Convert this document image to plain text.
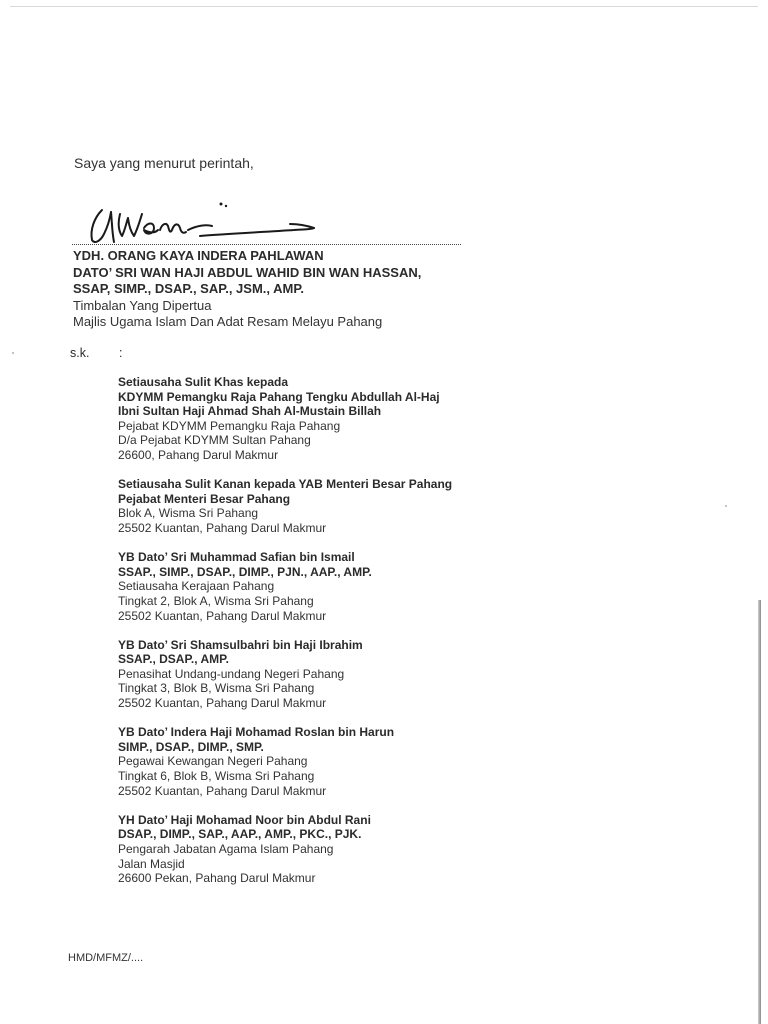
Saya yang menurut perintah,
YDH. ORANG KAYA INDERA PAHLAWAN
DATO’ SRI WAN HAJI ABDUL WAHID BIN WAN HASSAN,
SSAP, SIMP., DSAP., SAP., JSM., AMP.
Timbalan Yang Dipertua
Majlis Ugama Islam Dan Adat Resam Melayu Pahang
s.k. :
Setiausaha Sulit Khas kepada
KDYMM Pemangku Raja Pahang Tengku Abdullah Al-Haj
Ibni Sultan Haji Ahmad Shah Al-Mustain Billah
Pejabat KDYMM Pemangku Raja Pahang
D/a Pejabat KDYMM Sultan Pahang
26600, Pahang Darul Makmur
Setiausaha Sulit Kanan kepada YAB Menteri Besar Pahang
Pejabat Menteri Besar Pahang
Blok A, Wisma Sri Pahang
25502 Kuantan, Pahang Darul Makmur
YB Dato’ Sri Muhammad Safian bin Ismail
SSAP., SIMP., DSAP., DIMP., PJN., AAP., AMP.
Setiausaha Kerajaan Pahang
Tingkat 2, Blok A, Wisma Sri Pahang
25502 Kuantan, Pahang Darul Makmur
YB Dato’ Sri Shamsulbahri bin Haji Ibrahim
SSAP., DSAP., AMP.
Penasihat Undang-undang Negeri Pahang
Tingkat 3, Blok B, Wisma Sri Pahang
25502 Kuantan, Pahang Darul Makmur
YB Dato’ Indera Haji Mohamad Roslan bin Harun
SIMP., DSAP., DIMP., SMP.
Pegawai Kewangan Negeri Pahang
Tingkat 6, Blok B, Wisma Sri Pahang
25502 Kuantan, Pahang Darul Makmur
YH Dato’ Haji Mohamad Noor bin Abdul Rani
DSAP., DIMP., SAP., AAP., AMP., PKC., PJK.
Pengarah Jabatan Agama Islam Pahang
Jalan Masjid
26600 Pekan, Pahang Darul Makmur
HMD/MFMZ/....
